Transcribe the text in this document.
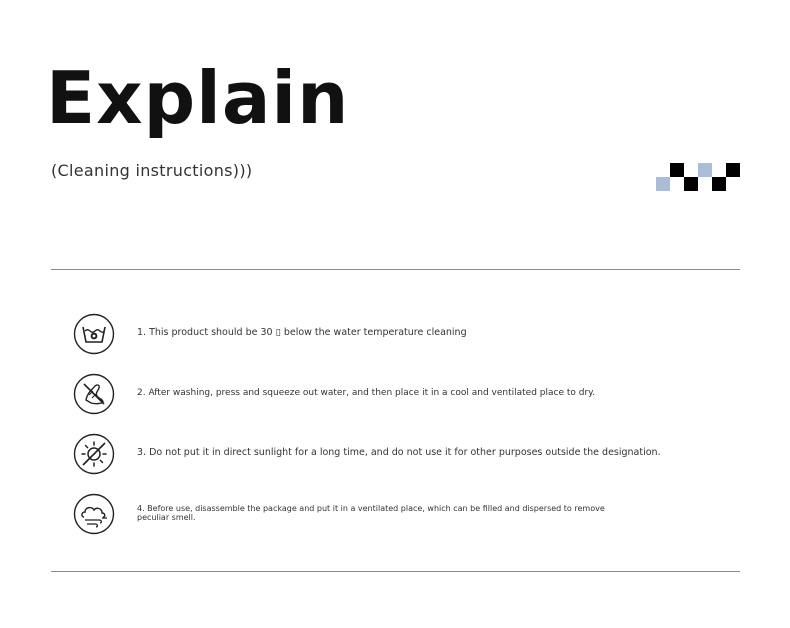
Explain
(Cleaning instructions)))
1. This product should be 30 ▯ below the water temperature cleaning
2. After washing, press and squeeze out water, and then place it in a cool and ventilated place to dry.
3. Do not put it in direct sunlight for a long time, and do not use it for other purposes outside the designation.
4. Before use, disassemble the package and put it in a ventilated place, which can be filled and dispersed to remove peculiar smell.
